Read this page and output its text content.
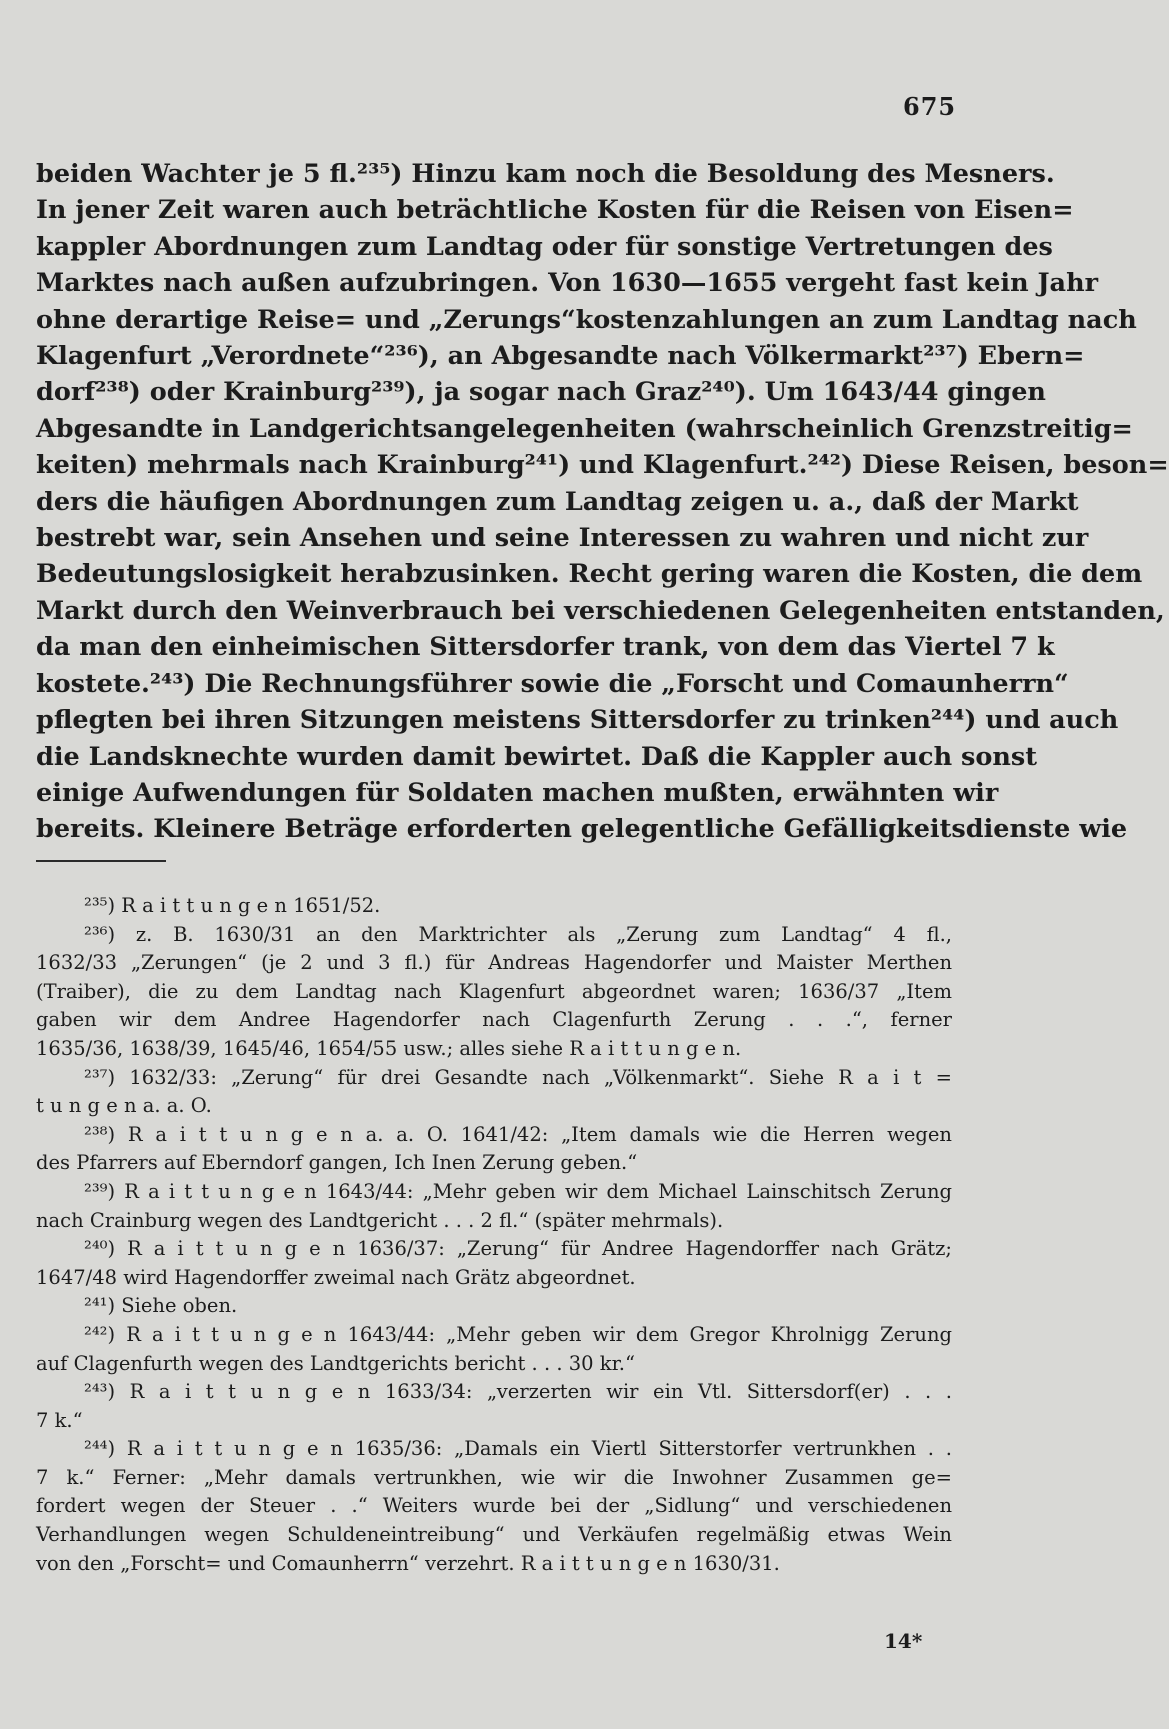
675
beiden Wachter je 5 fl.²³⁵) Hinzu kam noch die Besoldung des Mesners.
In jener Zeit waren auch beträchtliche Kosten für die Reisen von Eisen=
kappler Abordnungen zum Landtag oder für sonstige Vertretungen des
Marktes nach außen aufzubringen. Von 1630—1655 vergeht fast kein Jahr
ohne derartige Reise= und „Zerungs“kostenzahlungen an zum Landtag nach
Klagenfurt „Verordnete“²³⁶), an Abgesandte nach Völkermarkt²³⁷) Ebern=
dorf²³⁸) oder Krainburg²³⁹), ja sogar nach Graz²⁴⁰). Um 1643/44 gingen
Abgesandte in Landgerichtsangelegenheiten (wahrscheinlich Grenzstreitig=
keiten) mehrmals nach Krainburg²⁴¹) und Klagenfurt.²⁴²) Diese Reisen, beson=
ders die häufigen Abordnungen zum Landtag zeigen u. a., daß der Markt
bestrebt war, sein Ansehen und seine Interessen zu wahren und nicht zur
Bedeutungslosigkeit herabzusinken. Recht gering waren die Kosten, die dem
Markt durch den Weinverbrauch bei verschiedenen Gelegenheiten entstanden,
da man den einheimischen Sittersdorfer trank, von dem das Viertel 7 k
kostete.²⁴³) Die Rechnungsführer sowie die „Forscht und Comaunherrn“
pflegten bei ihren Sitzungen meistens Sittersdorfer zu trinken²⁴⁴) und auch
die Landsknechte wurden damit bewirtet. Daß die Kappler auch sonst
einige Aufwendungen für Soldaten machen mußten, erwähnten wir
bereits. Kleinere Beträge erforderten gelegentliche Gefälligkeitsdienste wie
²³⁵) R a i t t u n g e n 1651/52.
²³⁶) z. B. 1630/31 an den Marktrichter als „Zerung zum Landtag“ 4 fl.,
1632/33 „Zerungen“ (je 2 und 3 fl.) für Andreas Hagendorfer und Maister Merthen
(Traiber), die zu dem Landtag nach Klagenfurt abgeordnet waren; 1636/37 „Item
gaben wir dem Andree Hagendorfer nach Clagenfurth Zerung . . .“, ferner
1635/36, 1638/39, 1645/46, 1654/55 usw.; alles siehe R a i t t u n g e n.
²³⁷) 1632/33: „Zerung“ für drei Gesandte nach „Völkenmarkt“. Siehe R a i t =
t u n g e n a. a. O.
²³⁸) R a i t t u n g e n a. a. O. 1641/42: „Item damals wie die Herren wegen
des Pfarrers auf Eberndorf gangen, Ich Inen Zerung geben.“
²³⁹) R a i t t u n g e n 1643/44: „Mehr geben wir dem Michael Lainschitsch Zerung
nach Crainburg wegen des Landtgericht . . . 2 fl.“ (später mehrmals).
²⁴⁰) R a i t t u n g e n 1636/37: „Zerung“ für Andree Hagendorffer nach Grätz;
1647/48 wird Hagendorffer zweimal nach Grätz abgeordnet.
²⁴¹) Siehe oben.
²⁴²) R a i t t u n g e n 1643/44: „Mehr geben wir dem Gregor Khrolnigg Zerung
auf Clagenfurth wegen des Landtgerichts bericht . . . 30 kr.“
²⁴³) R a i t t u n g e n 1633/34: „verzerten wir ein Vtl. Sittersdorf(er) . . .
7 k.“
²⁴⁴) R a i t t u n g e n 1635/36: „Damals ein Viertl Sitterstorfer vertrunkhen . .
7 k.“ Ferner: „Mehr damals vertrunkhen, wie wir die Inwohner Zusammen ge=
fordert wegen der Steuer . .“ Weiters wurde bei der „Sidlung“ und verschiedenen
Verhandlungen wegen Schuldeneintreibung“ und Verkäufen regelmäßig etwas Wein
von den „Forscht= und Comaunherrn“ verzehrt. R a i t t u n g e n 1630/31.
14*
